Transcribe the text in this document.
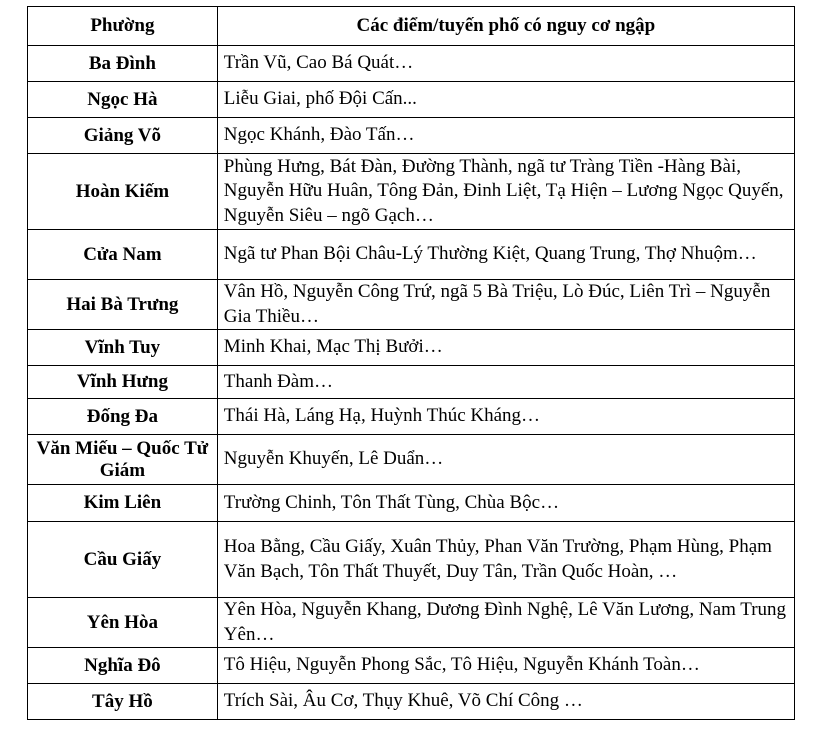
Phường	Các điểm/tuyến phố có nguy cơ ngập
Ba Đình	Trần Vũ, Cao Bá Quát…
Ngọc Hà	Liễu Giai, phố Đội Cấn...
Giảng Võ	Ngọc Khánh, Đào Tấn…
Hoàn Kiếm	Phùng Hưng, Bát Đàn, Đường Thành, ngã tư Tràng Tiền -Hàng Bài, Nguyễn Hữu Huân, Tông Đản, Đinh Liệt, Tạ Hiện – Lương Ngọc Quyến, Nguyễn Siêu – ngõ Gạch…
Cửa Nam	Ngã tư Phan Bội Châu-Lý Thường Kiệt, Quang Trung, Thợ Nhuộm…
Hai Bà Trưng	Vân Hồ, Nguyễn Công Trứ, ngã 5 Bà Triệu, Lò Đúc, Liên Trì – Nguyễn Gia Thiều…
Vĩnh Tuy	Minh Khai, Mạc Thị Bưởi…
Vĩnh Hưng	Thanh Đàm…
Đống Đa	Thái Hà, Láng Hạ, Huỳnh Thúc Kháng…
Văn Miếu – Quốc Tử Giám	Nguyễn Khuyến, Lê Duẩn…
Kim Liên	Trường Chinh, Tôn Thất Tùng, Chùa Bộc…
Cầu Giấy	Hoa Bằng, Cầu Giấy, Xuân Thủy, Phan Văn Trường, Phạm Hùng, Phạm Văn Bạch, Tôn Thất Thuyết, Duy Tân, Trần Quốc Hoàn, …
Yên Hòa	Yên Hòa, Nguyễn Khang, Dương Đình Nghệ, Lê Văn Lương, Nam Trung Yên…
Nghĩa Đô	Tô Hiệu, Nguyễn Phong Sắc, Tô Hiệu, Nguyễn Khánh Toàn…
Tây Hồ	Trích Sài, Âu Cơ, Thụy Khuê, Võ Chí Công …
